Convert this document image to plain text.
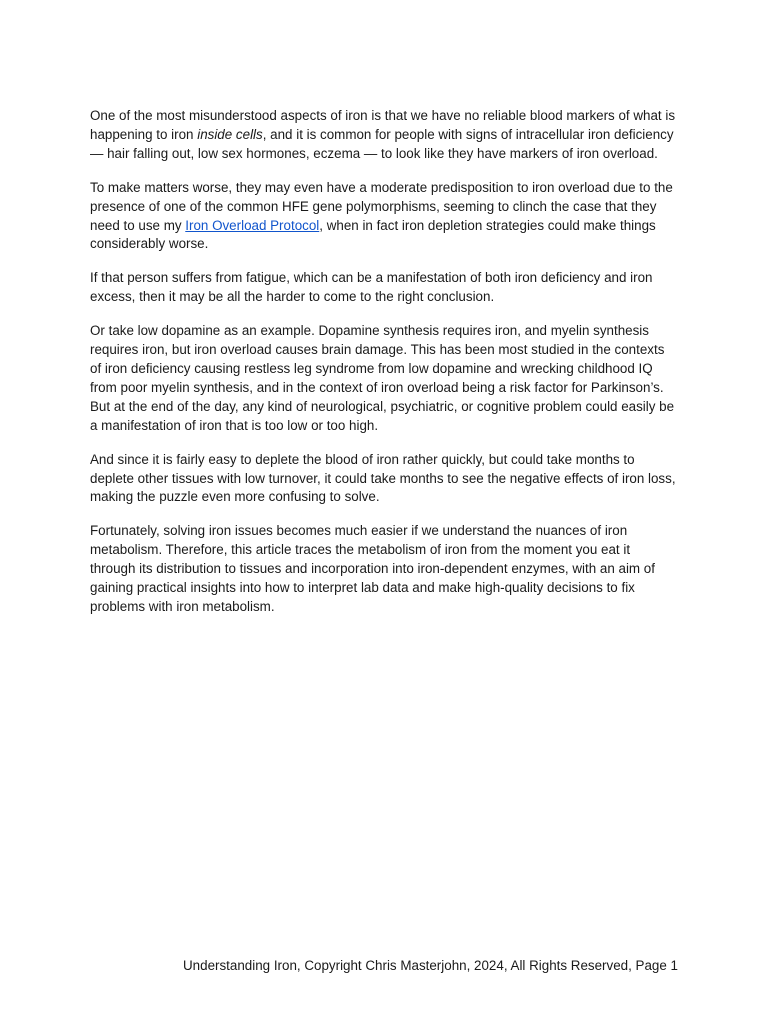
One of the most misunderstood aspects of iron is that we have no reliable blood markers of what is happening to iron inside cells, and it is common for people with signs of intracellular iron deficiency — hair falling out, low sex hormones, eczema — to look like they have markers of iron overload.

To make matters worse, they may even have a moderate predisposition to iron overload due to the presence of one of the common HFE gene polymorphisms, seeming to clinch the case that they need to use my Iron Overload Protocol, when in fact iron depletion strategies could make things considerably worse.

If that person suffers from fatigue, which can be a manifestation of both iron deficiency and iron excess, then it may be all the harder to come to the right conclusion.

Or take low dopamine as an example. Dopamine synthesis requires iron, and myelin synthesis requires iron, but iron overload causes brain damage. This has been most studied in the contexts of iron deficiency causing restless leg syndrome from low dopamine and wrecking childhood IQ from poor myelin synthesis, and in the context of iron overload being a risk factor for Parkinson’s. But at the end of the day, any kind of neurological, psychiatric, or cognitive problem could easily be a manifestation of iron that is too low or too high.

And since it is fairly easy to deplete the blood of iron rather quickly, but could take months to deplete other tissues with low turnover, it could take months to see the negative effects of iron loss, making the puzzle even more confusing to solve.

Fortunately, solving iron issues becomes much easier if we understand the nuances of iron metabolism. Therefore, this article traces the metabolism of iron from the moment you eat it through its distribution to tissues and incorporation into iron-dependent enzymes, with an aim of gaining practical insights into how to interpret lab data and make high-quality decisions to fix problems with iron metabolism.

Understanding Iron, Copyright Chris Masterjohn, 2024, All Rights Reserved, Page 1
